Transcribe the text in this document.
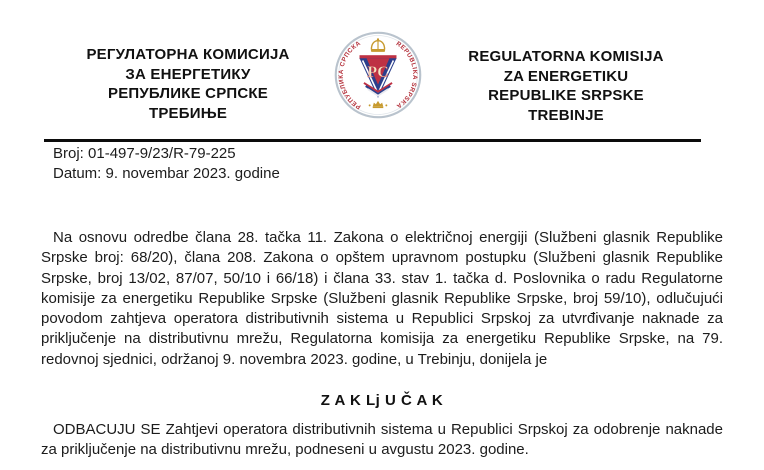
РЕГУЛАТОРНА КОМИСИЈА
ЗА ЕНЕРГЕТИКУ
РЕПУБЛИКЕ СРПСКЕ
ТРЕБИЊЕ	РЕПУБЛИКА СРПСКА	REPUBLIKA SRPSKA
РС
REGULATORNA KOMISIJA
ZA ENERGETIKU
REPUBLIKE SRPSKE
TREBINJE
Broj: 01-497-9/23/R-79-225
Datum: 9. novembar 2023. godine

Na osnovu odredbe člana 28. tačka 11. Zakona o električnoj energiji (Službeni glasnik Republike Srpske broj: 68/20), člana 208. Zakona o opštem upravnom postupku (Službeni glasnik Republike Srpske, broj 13/02, 87/07, 50/10 i 66/18) i člana 33. stav 1. tačka d. Poslovnika o radu Regulatorne komisije za energetiku Republike Srpske (Službeni glasnik Republike Srpske, broj 59/10), odlučujući povodom zahtjeva operatora distributivnih sistema u Republici Srpskoj za utvrđivanje naknade za priključenje na distributivnu mrežu, Regulatorna komisija za energetiku Republike Srpske, na 79. redovnoj sjednici, održanoj 9. novembra 2023. godine, u Trebinju, donijela je

Z A K Lj U Č A K

ODBACUJU SE Zahtjevi operatora distributivnih sistema u Republici Srpskoj za odobrenje naknade za priključenje na distributivnu mrežu, podneseni u avgustu 2023. godine.
